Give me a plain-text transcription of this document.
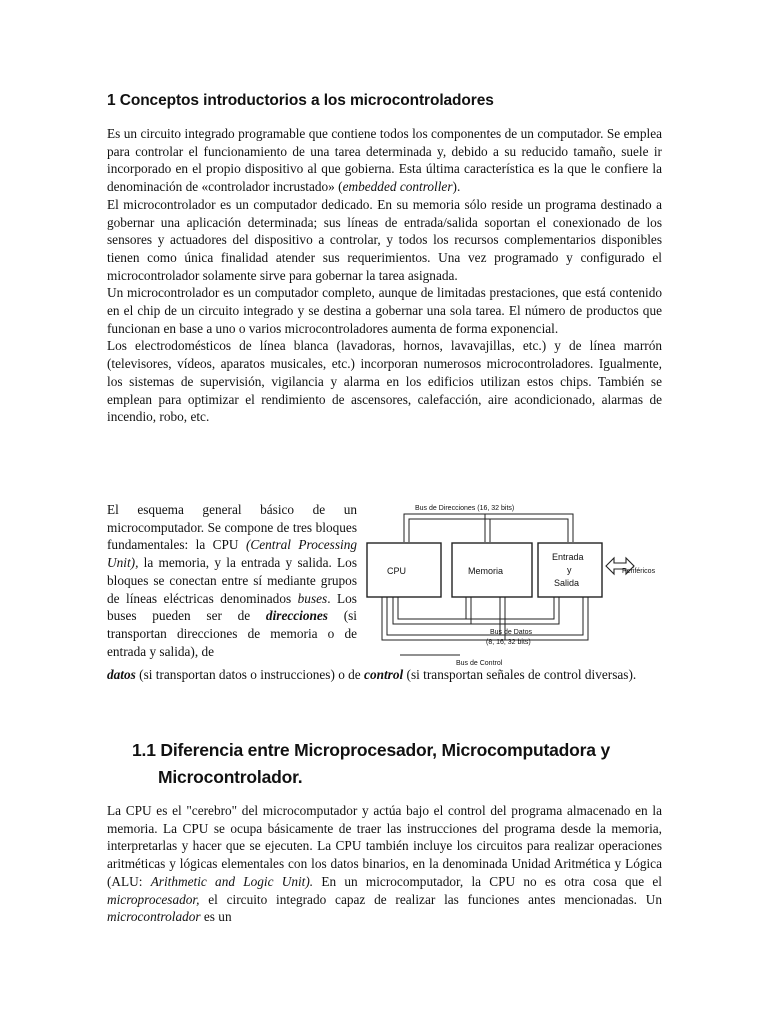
1 Conceptos introductorios a los microcontroladores

Es un circuito integrado programable que contiene todos los componentes de un computador. Se emplea para controlar el funcionamiento de una tarea determinada y, debido a su reducido tamaño, suele ir incorporado en el propio dispositivo al que gobierna. Esta última característica es la que le confiere la denominación de «controlador incrustado» (embedded controller).

El microcontrolador es un computador dedicado. En su memoria sólo reside un programa destinado a gobernar una aplicación determinada; sus líneas de entrada/salida soportan el conexionado de los sensores y actuadores del dispositivo a controlar, y todos los recursos complementarios disponibles tienen como única finalidad atender sus requerimientos. Una vez programado y configurado el microcontrolador solamente sirve para gobernar la tarea asignada.

Un microcontrolador es un computador completo, aunque de limitadas prestaciones, que está contenido en el chip de un circuito integrado y se destina a gobernar una sola tarea. El número de productos que funcionan en base a uno o varios microcontroladores aumenta de forma exponencial.

Los electrodomésticos de línea blanca (lavadoras, hornos, lavavajillas, etc.) y de línea marrón (televisores, vídeos, aparatos musicales, etc.) incorporan numerosos microcontroladores. Igualmente, los sistemas de supervisión, vigilancia y alarma en los edificios utilizan estos chips. También se emplean para optimizar el rendimiento de ascensores, calefacción, aire acondicionado, alarmas de incendio, robo, etc.

Bus de Direcciones (16, 32 bits)
CPU	Memoria
Entrada
y
Salida
Periféricos
Bus de Datos
(8, 16, 32 bits)
Bus de Control
El esquema general básico de un microcomputador. Se compone de tres bloques fundamentales: la CPU (Central Processing Unit), la memoria, y la entrada y salida. Los bloques se conectan entre sí mediante grupos de líneas eléctricas denominados buses. Los buses pueden ser de direcciones (si transportan direcciones de memoria o de entrada y salida), de

datos (si transportan datos o instrucciones) o de control (si transportan señales de control diversas).

1.1 Diferencia entre Microprocesador, Microcomputadora y
Microcontrolador.

La CPU es el "cerebro" del microcomputador y actúa bajo el control del programa almacenado en la memoria. La CPU se ocupa básicamente de traer las instrucciones del programa desde la memoria, interpretarlas y hacer que se ejecuten. La CPU también incluye los circuitos para realizar operaciones aritméticas y lógicas elementales con los datos binarios, en la denominada Unidad Aritmética y Lógica (ALU: Arithmetic and Logic Unit). En un microcomputador, la CPU no es otra cosa que el microprocesador, el circuito integrado capaz de realizar las funciones antes mencionadas. Un microcontrolador es un
